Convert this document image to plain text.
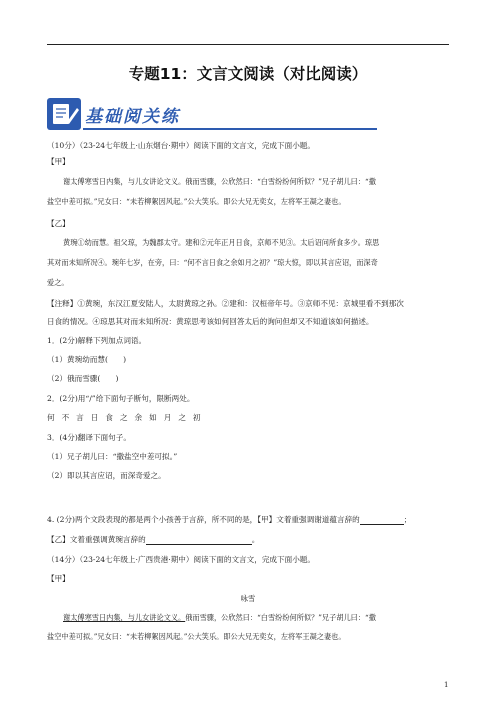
专题11：文言文阅读（对比阅读）
基础阅关练
（10分）（23-24七年级上·山东烟台·期中）阅读下面的文言文，完成下面小题。
【甲】
谢太傅寒雪日内集，与儿女讲论文义。俄而雪骤，公欣然曰：“白雪纷纷何所似？”兄子胡儿曰：“撒
盐空中差可拟。”兄女曰：“未若柳絮因风起。”公大笑乐。即公大兄无奕女，左将军王凝之妻也。
【乙】
黄琬①幼而慧。祖父琼，为魏郡太守。建和②元年正月日食，京师不见③。太后诏问所食多少。琼思
其对而未知所况④。琬年七岁，在旁，曰：“何不言日食之余如月之初？”琼大惊，即以其言应诏，而深奇
爱之。
【注释】①黄琬，东汉江夏安陆人，太尉黄琼之孙。②建和：汉桓帝年号。③京师不见：京城里看不到那次
日食的情况。④琼思其对而未知所况：黄琼思考该如何回答太后的询问但却又不知道该如何描述。
1．(2分)解释下列加点词语。
（1）黄琬幼而慧(　　)
（2）俄而雪骤(　　)
2．(2分)用“/”给下面句子断句，限断两处。
何不言日食之余如月之初
3．(4分)翻译下面句子。
（1）兄子胡儿曰：“撒盐空中差可拟。”
（2）即以其言应诏，而深奇爱之。
4. (2分)两个文段表现的都是两个小孩善于言辞，所不同的是，【甲】文着重强调谢道蕴言辞的	；
【乙】文着重强调黄琬言辞的	。
（14分）（23-24七年级上·广西贵港·期中）阅读下面的文言文，完成下面小题。
【甲】
咏雪
谢太傅寒雪日内集，与儿女讲论文义。俄而雪骤，公欣然曰：“白雪纷纷何所似？”兄子胡儿曰：“撒
盐空中差可拟。”兄女曰：“未若柳絮因风起。”公大笑乐。即公大兄无奕女，左将军王凝之妻也。
1
